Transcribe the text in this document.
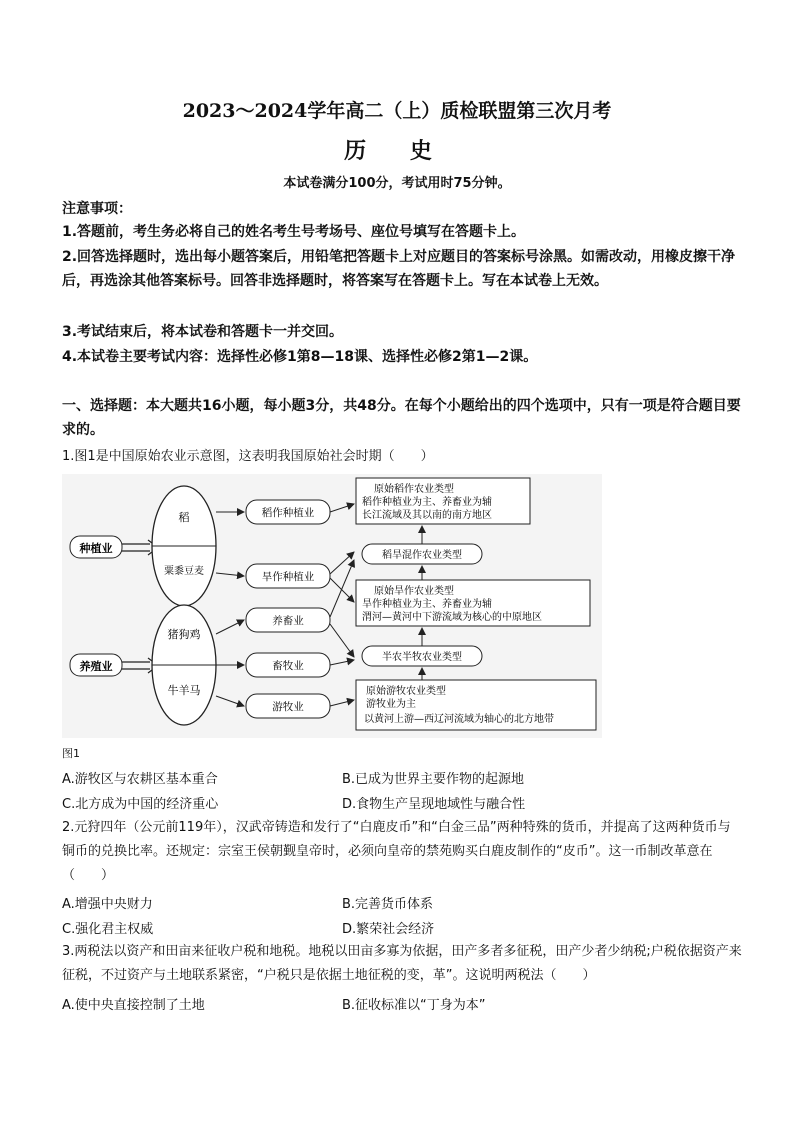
2023～2024学年高二（上）质检联盟第三次月考
历 史
本试卷满分100分，考试用时75分钟。
注意事项：
1.答题前，考生务必将自己的姓名考生号考场号、座位号填写在答题卡上。
2.回答选择题时，选出每小题答案后，用铅笔把答题卡上对应题目的答案标号涂黑。如需改动，用橡皮擦干净后，再选涂其他答案标号。回答非选择题时，将答案写在答题卡上。写在本试卷上无效。
3.考试结束后，将本试卷和答题卡一并交回。
4.本试卷主要考试内容：选择性必修1第8—18课、选择性必修2第1—2课。
一、选择题：本大题共16小题，每小题3分，共48分。在每个小题给出的四个选项中，只有一项是符合题目要求的。
1.图1是中国原始农业示意图，这表明我国原始社会时期（　　）
种植业
养殖业
稻
粟黍豆麦
猪狗鸡
牛羊马
稻作种植业
旱作种植业
养畜业
畜牧业
游牧业
原始稻作农业类型
稻作种植业为主、养畜业为辅
长江流域及其以南的南方地区
稻旱混作农业类型
原始旱作农业类型
旱作种植业为主、养畜业为辅
渭河—黄河中下游流域为核心的中原地区
半农半牧农业类型
原始游牧农业类型
游牧业为主
以黄河上游—西辽河流域为轴心的北方地带
图1
A.游牧区与农耕区基本重合	B.已成为世界主要作物的起源地
C.北方成为中国的经济重心	D.食物生产呈现地域性与融合性
2.元狩四年（公元前119年），汉武帝铸造和发行了“白鹿皮币”和“白金三品”两种特殊的货币，并提高了这两种货币与铜币的兑换比率。还规定：宗室王侯朝觐皇帝时，必须向皇帝的禁苑购买白鹿皮制作的“皮币”。这一币制改革意在（　　）
A.增强中央财力	B.完善货币体系
C.强化君主权威	D.繁荣社会经济
3.两税法以资产和田亩来征收户税和地税。地税以田亩多寡为依据，田产多者多征税，田产少者少纳税;户税依据资产来征税，不过资产与土地联系紧密，“户税只是依据土地征税的变，革”。这说明两税法（　　）
A.使中央直接控制了土地	B.征收标准以“丁身为本”
